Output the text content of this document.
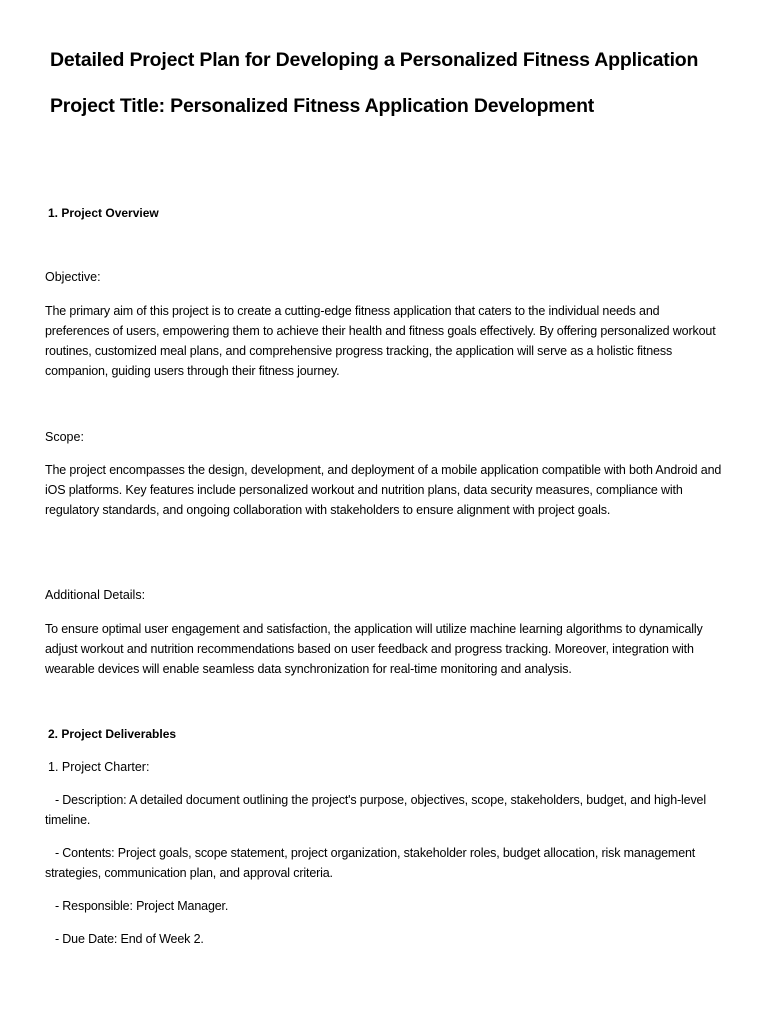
Detailed Project Plan for Developing a Personalized Fitness Application
Project Title: Personalized Fitness Application Development
1. Project Overview
Objective:
The primary aim of this project is to create a cutting-edge fitness application that caters to the individual needs and preferences of users, empowering them to achieve their health and fitness goals effectively. By offering personalized workout routines, customized meal plans, and comprehensive progress tracking, the application will serve as a holistic fitness companion, guiding users through their fitness journey.
Scope:
The project encompasses the design, development, and deployment of a mobile application compatible with both Android and iOS platforms. Key features include personalized workout and nutrition plans, data security measures, compliance with regulatory standards, and ongoing collaboration with stakeholders to ensure alignment with project goals.
Additional Details:
To ensure optimal user engagement and satisfaction, the application will utilize machine learning algorithms to dynamically adjust workout and nutrition recommendations based on user feedback and progress tracking. Moreover, integration with wearable devices will enable seamless data synchronization for real-time monitoring and analysis.
2. Project Deliverables
1. Project Charter:
- Description: A detailed document outlining the project's purpose, objectives, scope, stakeholders, budget, and high-level timeline.
- Contents: Project goals, scope statement, project organization, stakeholder roles, budget allocation, risk management strategies, communication plan, and approval criteria.
- Responsible: Project Manager.
- Due Date: End of Week 2.
